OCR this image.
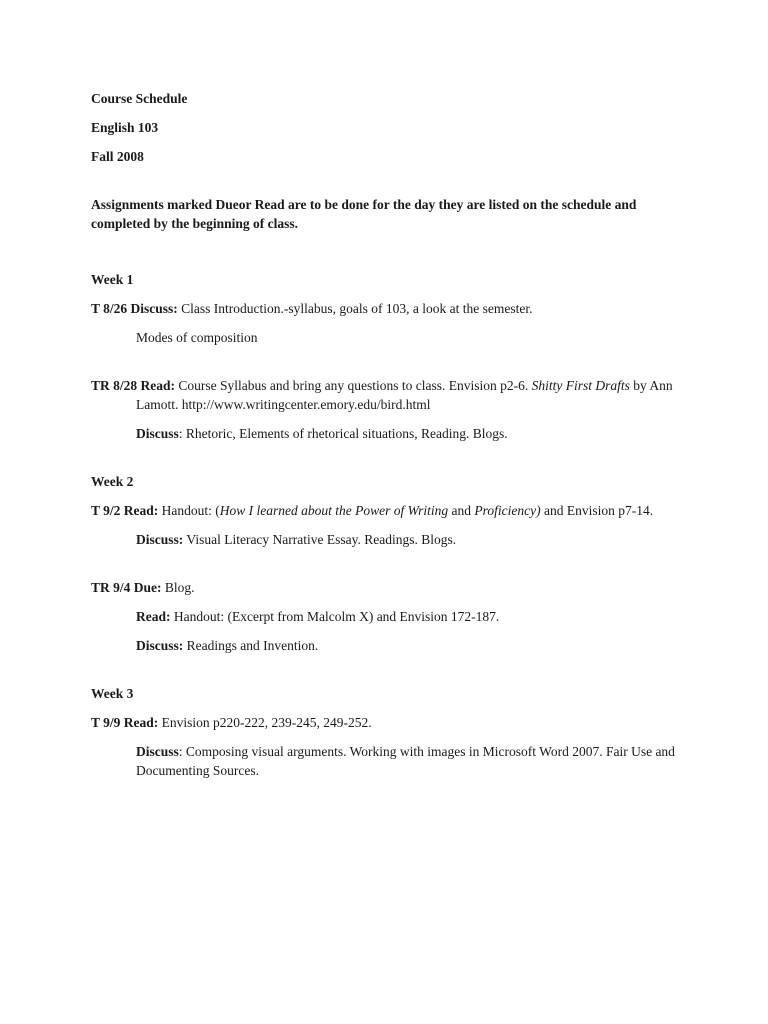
Course Schedule

English 103

Fall 2008

Assignments marked Dueor Read are to be done for the day they are listed on the schedule and completed by the beginning of class.

Week 1

T 8/26 Discuss: Class Introduction.-syllabus, goals of 103, a look at the semester.

Modes of composition

TR 8/28 Read: Course Syllabus and bring any questions to class. Envision p2-6. Shitty First Drafts by Ann Lamott. http://www.writingcenter.emory.edu/bird.html

Discuss: Rhetoric, Elements of rhetorical situations, Reading. Blogs.

Week 2

T 9/2 Read: Handout: (How I learned about the Power of Writing and Proficiency) and Envision p7-14.

Discuss: Visual Literacy Narrative Essay. Readings. Blogs.

TR 9/4 Due: Blog.

Read: Handout: (Excerpt from Malcolm X) and Envision 172-187.

Discuss: Readings and Invention.

Week 3

T 9/9 Read: Envision p220-222, 239-245, 249-252.

Discuss: Composing visual arguments. Working with images in Microsoft Word 2007. Fair Use and Documenting Sources.
